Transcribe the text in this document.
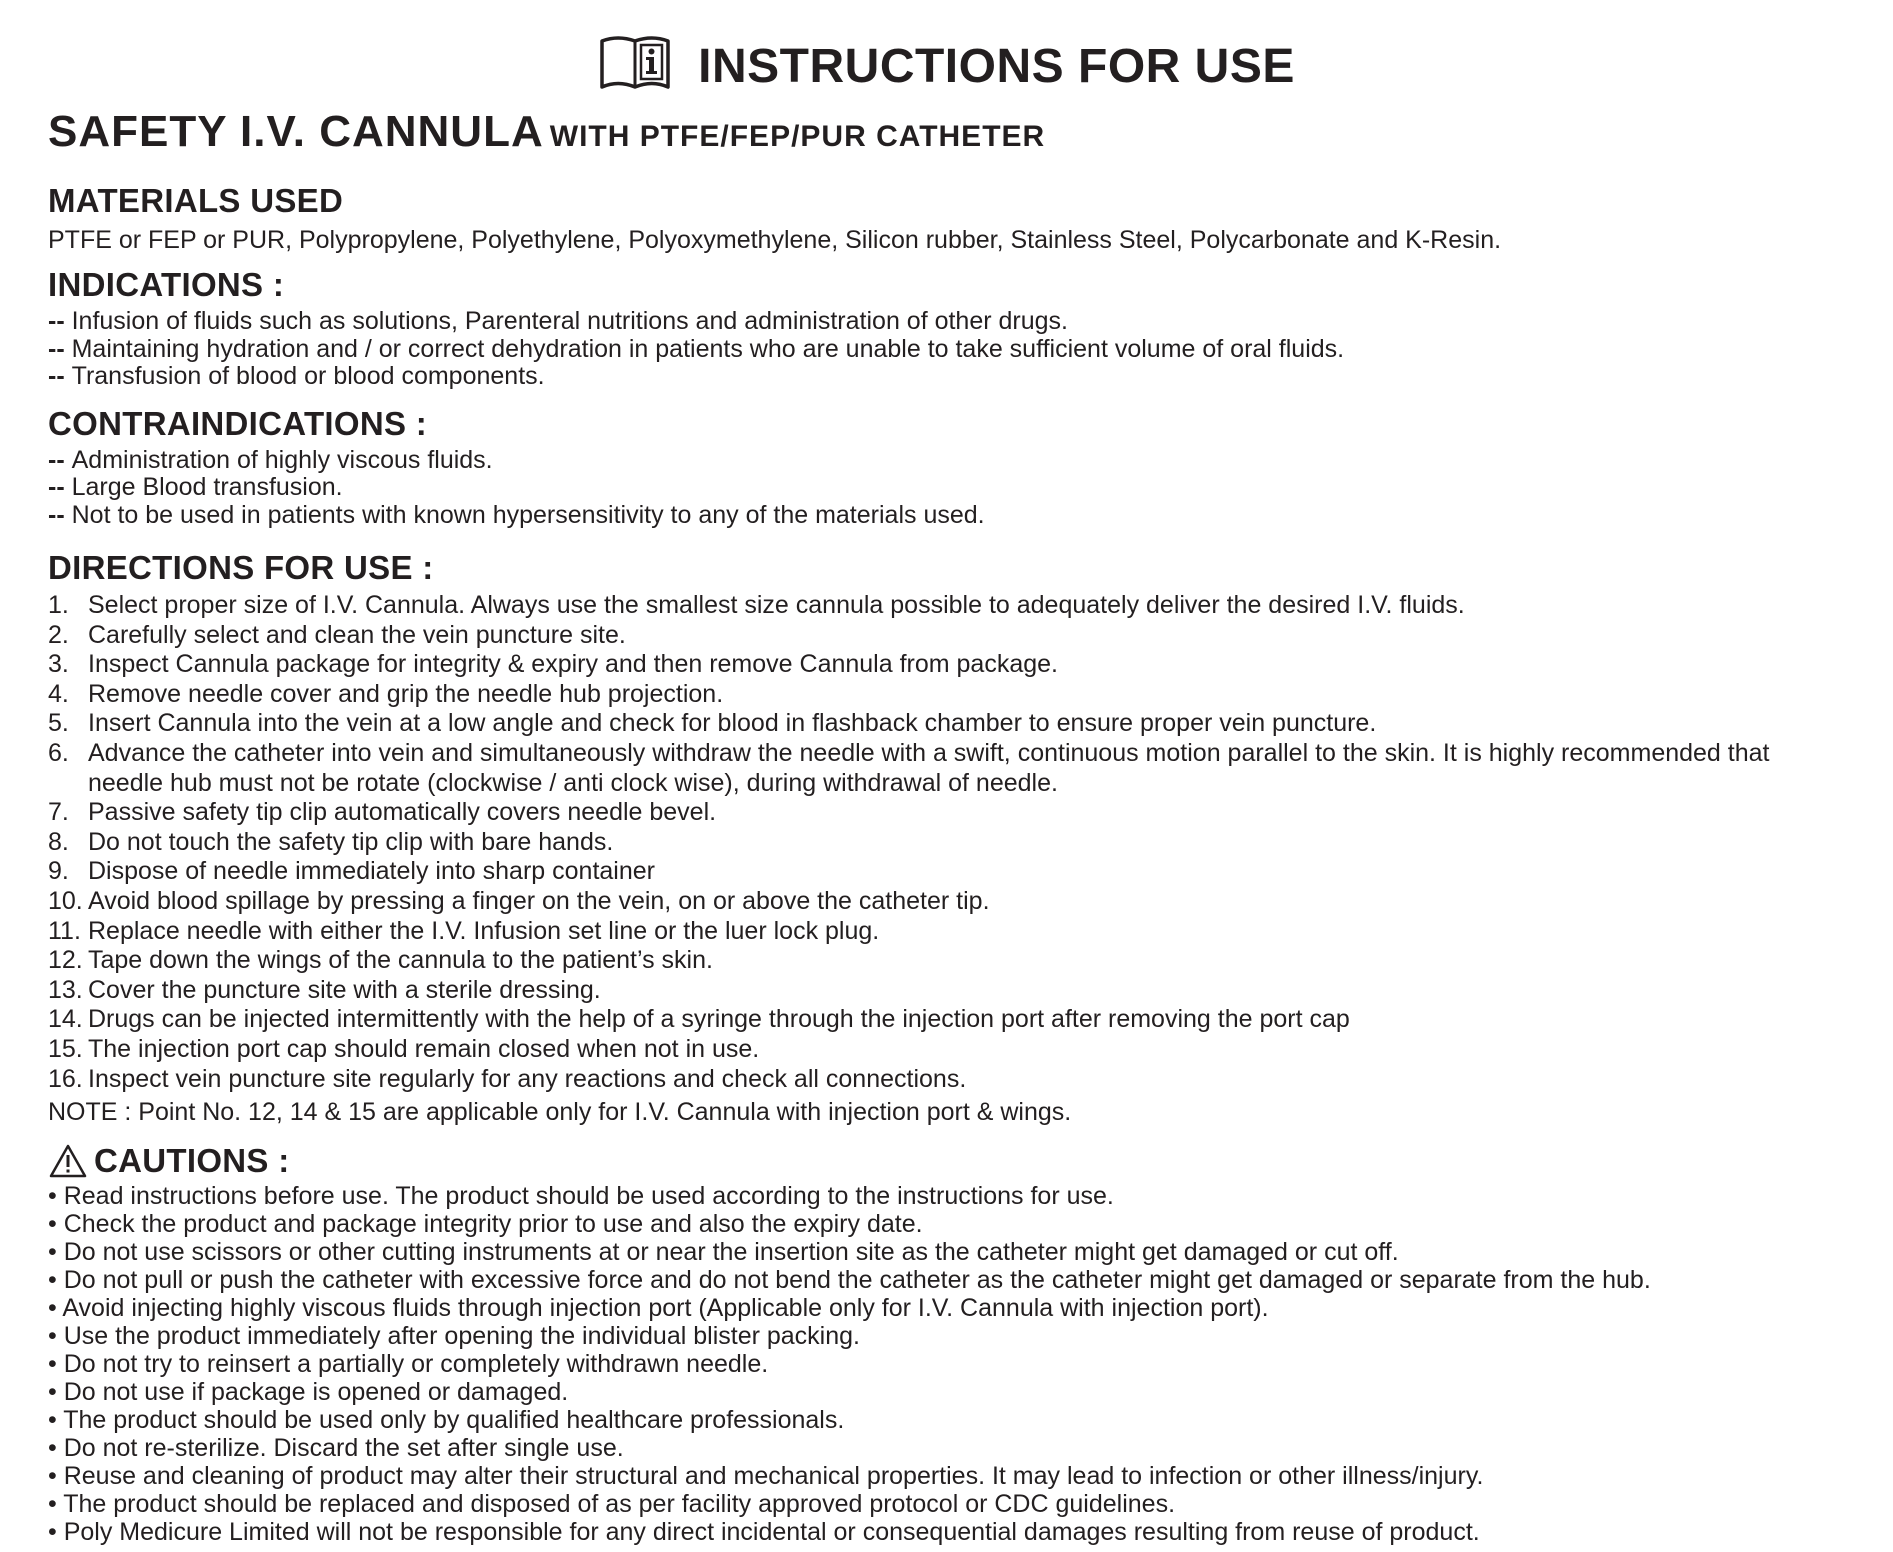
INSTRUCTIONS FOR USE
SAFETY I.V. CANNULA WITH PTFE/FEP/PUR CATHETER
MATERIALS USED
PTFE or FEP or PUR, Polypropylene, Polyethylene, Polyoxymethylene, Silicon rubber, Stainless Steel, Polycarbonate and K-Resin.
INDICATIONS :
-- Infusion of fluids such as solutions, Parenteral nutritions and administration of other drugs.
-- Maintaining hydration and / or correct dehydration in patients who are unable to take sufficient volume of oral fluids.
-- Transfusion of blood or blood components.
CONTRAINDICATIONS :
-- Administration of highly viscous fluids.
-- Large Blood transfusion.
-- Not to be used in patients with known hypersensitivity to any of the materials used.
DIRECTIONS FOR USE :
1. Select proper size of I.V. Cannula. Always use the smallest size cannula possible to adequately deliver the desired I.V. fluids.
2. Carefully select and clean the vein puncture site.
3. Inspect Cannula package for integrity & expiry and then remove Cannula from package.
4. Remove needle cover and grip the needle hub projection.
5. Insert Cannula into the vein at a low angle and check for blood in flashback chamber to ensure proper vein puncture.
6. Advance the catheter into vein and simultaneously withdraw the needle with a swift, continuous motion parallel to the skin. It is highly recommended that needle hub must not be rotate (clockwise / anti clock wise), during withdrawal of needle.
7. Passive safety tip clip automatically covers needle bevel.
8. Do not touch the safety tip clip with bare hands.
9. Dispose of needle immediately into sharp container
10. Avoid blood spillage by pressing a finger on the vein, on or above the catheter tip.
11. Replace needle with either the I.V. Infusion set line or the luer lock plug.
12. Tape down the wings of the cannula to the patient’s skin.
13. Cover the puncture site with a sterile dressing.
14. Drugs can be injected intermittently with the help of a syringe through the injection port after removing the port cap
15. The injection port cap should remain closed when not in use.
16. Inspect vein puncture site regularly for any reactions and check all connections.
NOTE : Point No. 12, 14 & 15 are applicable only for I.V. Cannula with injection port & wings.
CAUTIONS :
• Read instructions before use. The product should be used according to the instructions for use.
• Check the product and package integrity prior to use and also the expiry date.
• Do not use scissors or other cutting instruments at or near the insertion site as the catheter might get damaged or cut off.
• Do not pull or push the catheter with excessive force and do not bend the catheter as the catheter might get damaged or separate from the hub.
• Avoid injecting highly viscous fluids through injection port (Applicable only for I.V. Cannula with injection port).
• Use the product immediately after opening the individual blister packing.
• Do not try to reinsert a partially or completely withdrawn needle.
• Do not use if package is opened or damaged.
• The product should be used only by qualified healthcare professionals.
• Do not re-sterilize. Discard the set after single use.
• Reuse and cleaning of product may alter their structural and mechanical properties. It may lead to infection or other illness/injury.
• The product should be replaced and disposed of as per facility approved protocol or CDC guidelines.
• Poly Medicure Limited will not be responsible for any direct incidental or consequential damages resulting from reuse of product.
